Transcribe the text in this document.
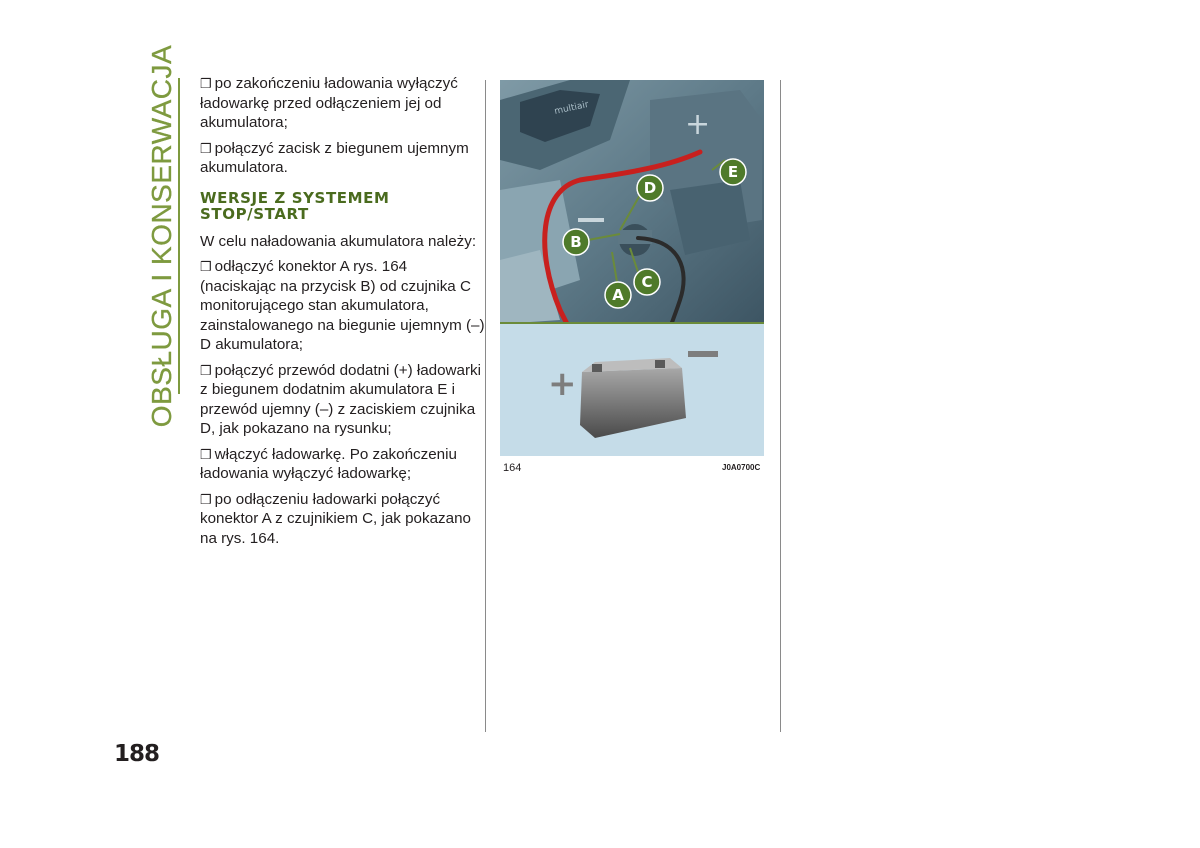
OBSŁUGA I KONSERWACJA ❒ po zakończeniu ładowania wyłączyć ładowarkę przed odłączeniem jej od akumulatora;

❒ połączyć zacisk z biegunem ujemnym akumulatora.

WERSJE Z SYSTEMEM STOP/START

W celu naładowania akumulatora należy:

❒ odłączyć konektor A rys. 164 (naciskając na przycisk B) od czujnika C monitorującego stan akumulatora, zainstalowanego na biegunie ujemnym (–) D akumulatora;

❒ połączyć przewód dodatni (+) ładowarki z biegunem dodatnim akumulatora E i przewód ujemny (–) z zaciskiem czujnika D, jak pokazano na rysunku;

❒ włączyć ładowarkę. Po zakończeniu ładowania wyłączyć ładowarkę;

❒ po odłączeniu ładowarki połączyć konektor A z czujnikiem C, jak pokazano na rys. 164.

multiair	+
+
E
D
B
C
A
164	J0A0700C
188
